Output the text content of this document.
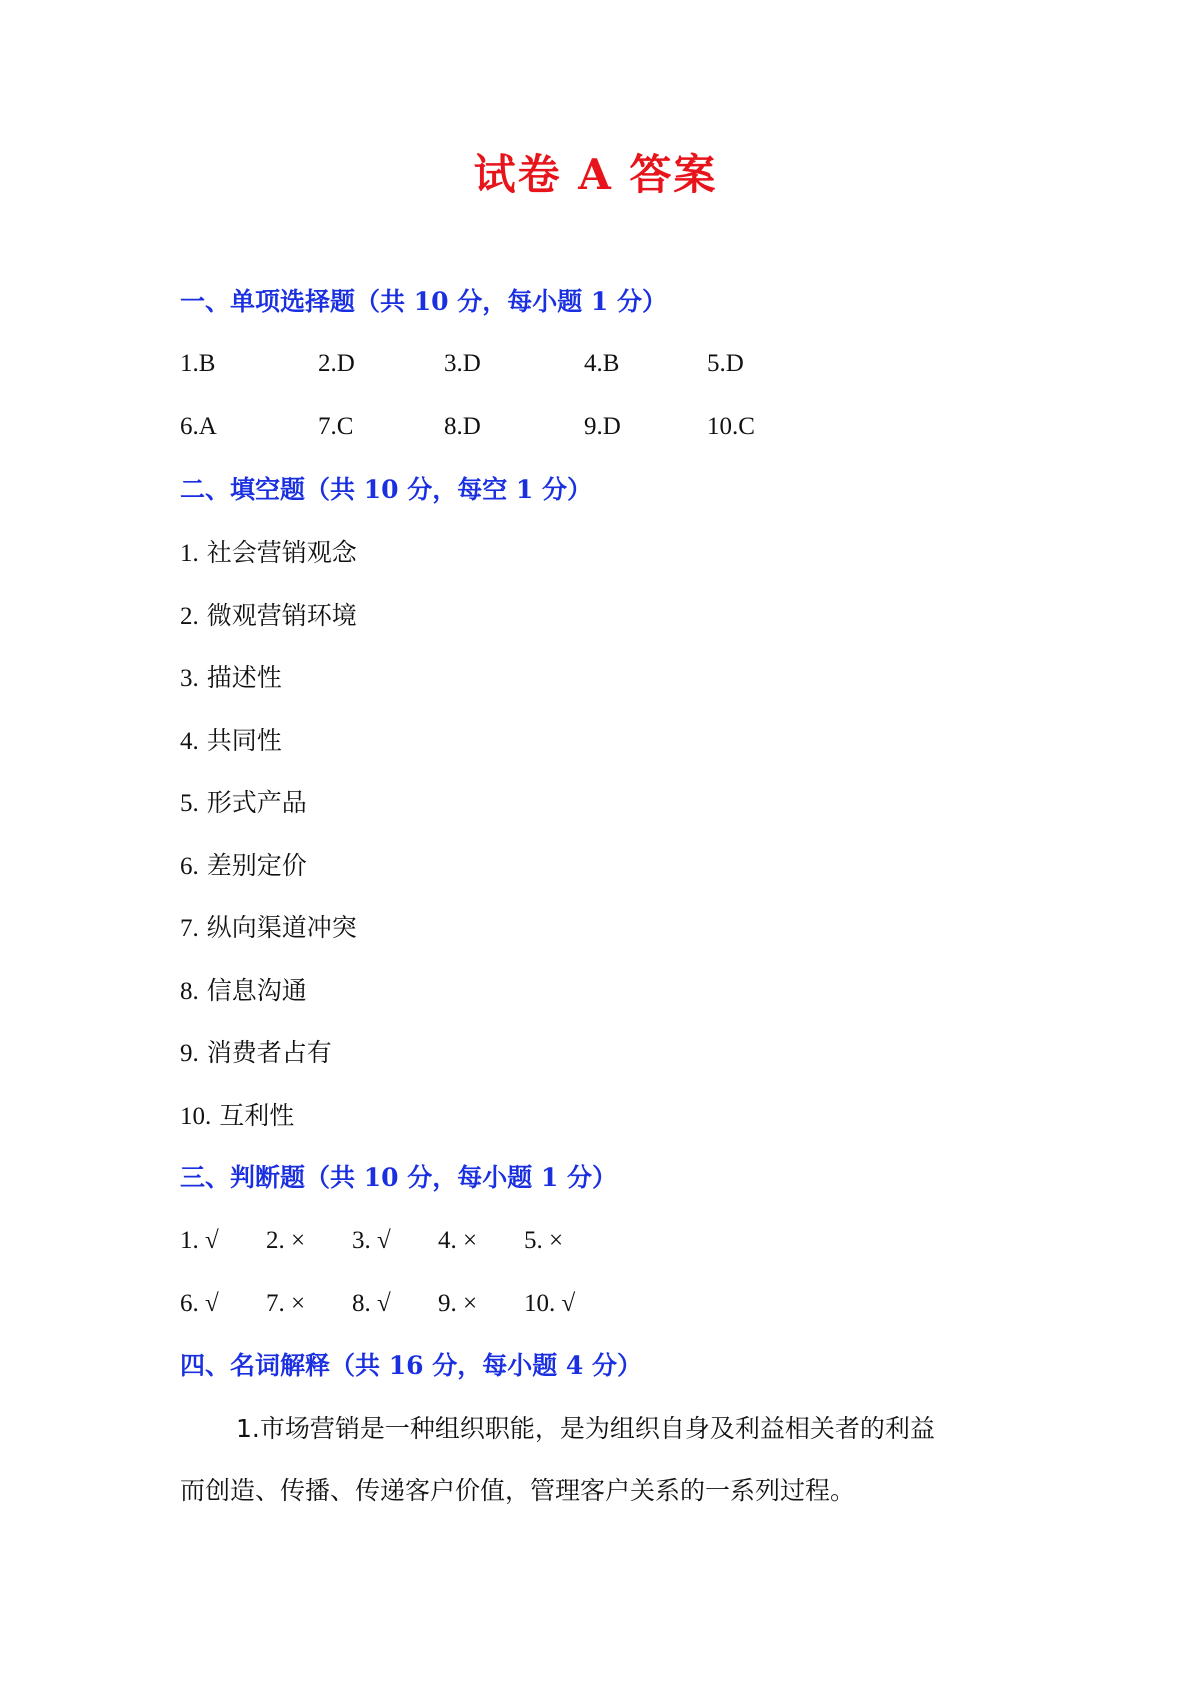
试卷 A 答案
一、单项选择题（共 10 分，每小题 1 分）
1.B	2.D	3.D	4.B	5.D
6.A	7.C	8.D	9.D	10.C
二、填空题（共 10 分，每空 1 分）
1. 社会营销观念
2. 微观营销环境
3. 描述性
4. 共同性
5. 形式产品
6. 差别定价
7. 纵向渠道冲突
8. 信息沟通
9. 消费者占有
10. 互利性
三、判断题（共 10 分，每小题 1 分）
1. √ 2. × 3. √ 4. × 5. ×
6. √ 7. × 8. √ 9. × 10. √
四、名词解释（共 16 分，每小题 4 分）
1.市场营销是一种组织职能，是为组织自身及利益相关者的利益
而创造、传播、传递客户价值，管理客户关系的一系列过程。
